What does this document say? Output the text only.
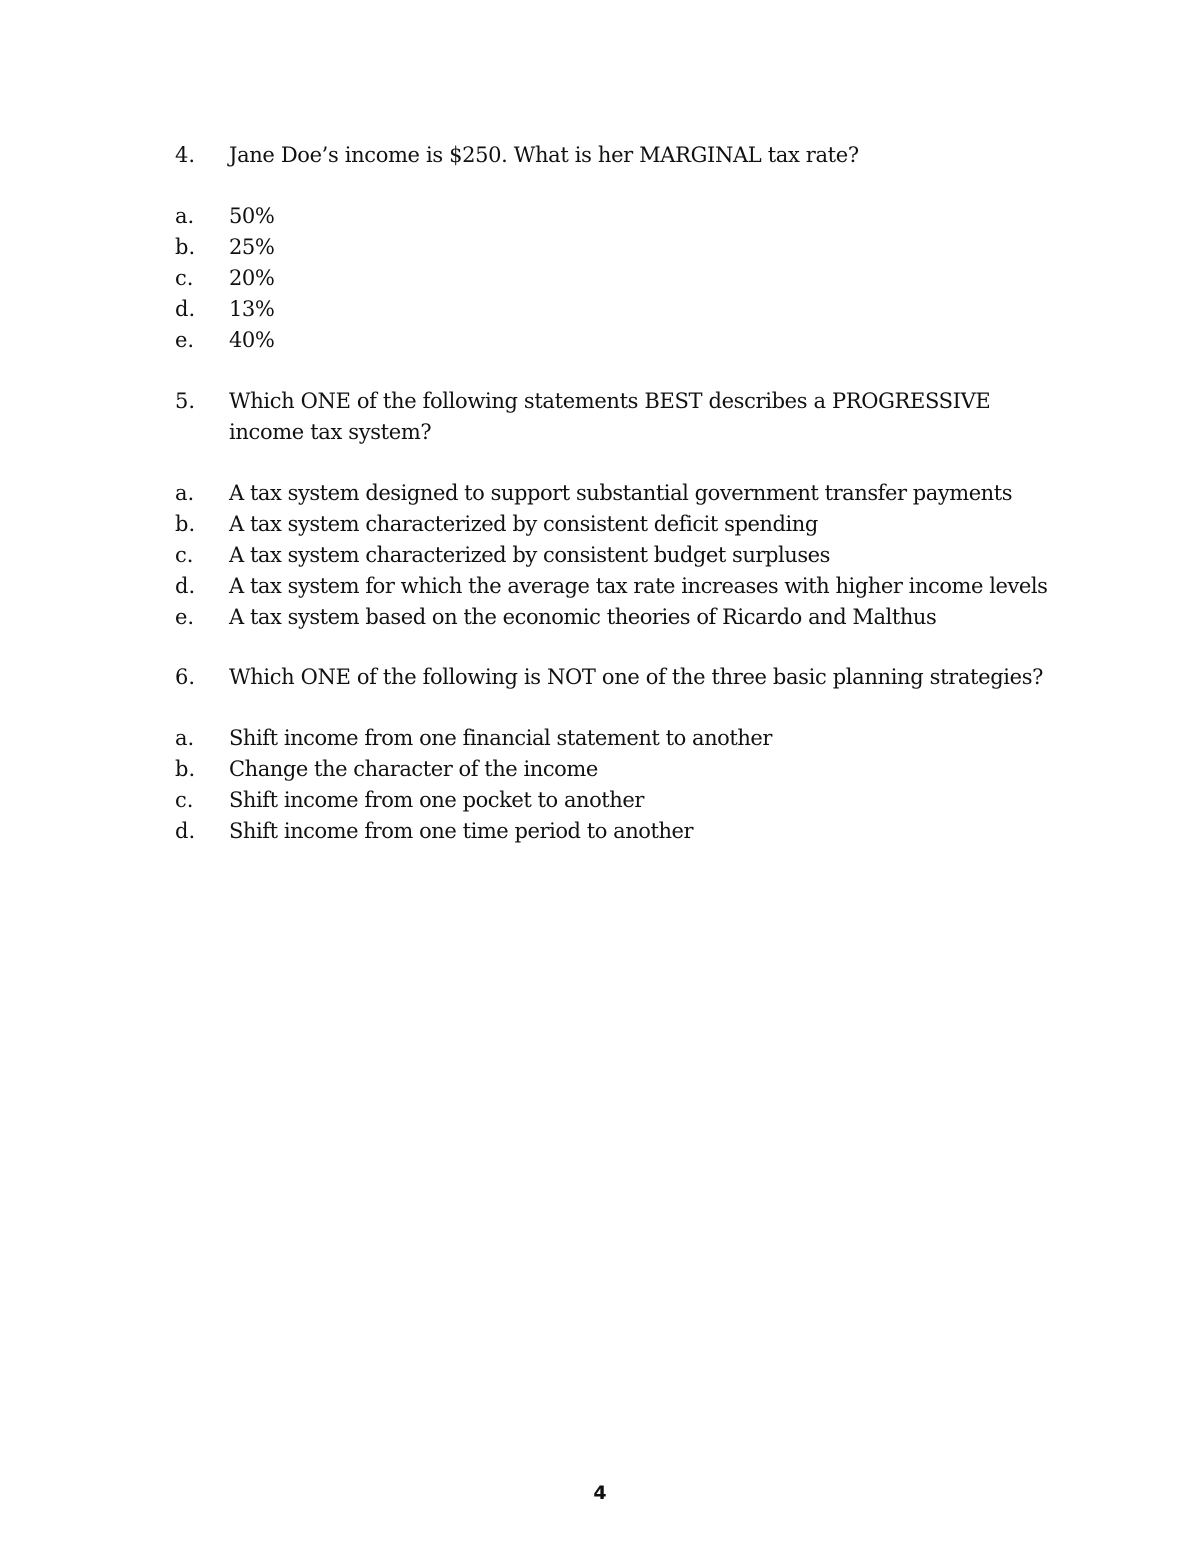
4.	Jane Doe’s income is $250. What is her MARGINAL tax rate?
a.	50%
b.	25%
c.	20%
d.	13%
e.	40%
5.	Which ONE of the following statements BEST describes a PROGRESSIVE
income tax system?
a.	A tax system designed to support substantial government transfer payments
b.	A tax system characterized by consistent deficit spending
c.	A tax system characterized by consistent budget surpluses
d.	A tax system for which the average tax rate increases with higher income levels
e.	A tax system based on the economic theories of Ricardo and Malthus
6.	Which ONE of the following is NOT one of the three basic planning strategies?
a.	Shift income from one financial statement to another
b.	Change the character of the income
c.	Shift income from one pocket to another
d.	Shift income from one time period to another
4
